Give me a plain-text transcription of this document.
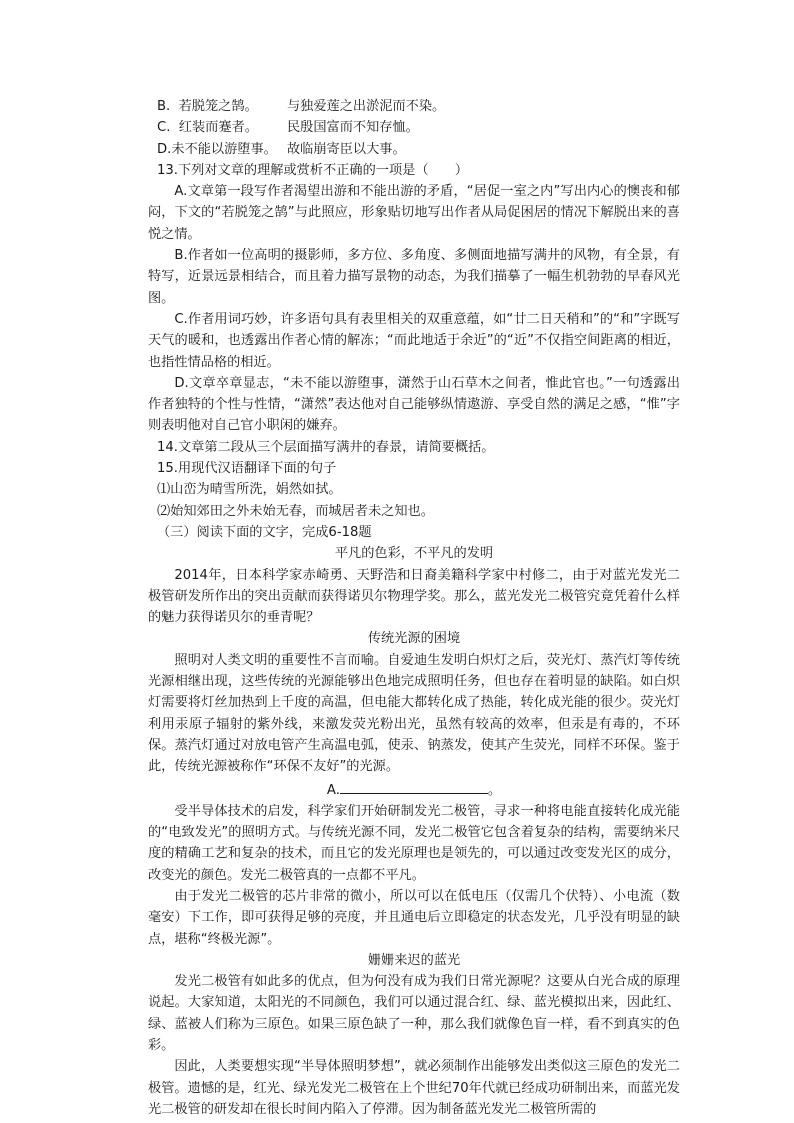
B.  若脱笼之鹄。 与独爱莲之出淤泥而不染。
C.  红装而蹇者。 民殷国富而不知存恤。
D.未不能以游堕事。 故临崩寄臣以大事。
13.下列对文章的理解或赏析不正确的一项是（　　）
A.文章第一段写作者渴望出游和不能出游的矛盾，“居促一室之内”写出内心的懊丧和郁闷，下文的“若脱笼之鹄”与此照应，形象贴切地写出作者从局促困居的情况下解脱出来的喜悦之情。
B.作者如一位高明的摄影师，多方位、多角度、多侧面地描写满井的风物，有全景，有特写，近景远景相结合，而且着力描写景物的动态，为我们描摹了一幅生机勃勃的早春风光图。
C.作者用词巧妙，许多语句具有表里相关的双重意蕴，如“廿二日天稍和”的“和”字既写天气的暖和，也透露出作者心情的解冻；“而此地适于余近”的“近”不仅指空间距离的相近，也指性情品格的相近。
D.文章卒章显志，“未不能以游堕事，潇然于山石草木之间者，惟此官也。”一句透露出作者独特的个性与性情，“潇然”表达他对自己能够纵情遨游、享受自然的满足之感，“惟”字则表明他对自己官小职闲的嫌弃。
14.文章第二段从三个层面描写满井的春景，请简要概括。
15.用现代汉语翻译下面的句子
⑴山峦为晴雪所洗，娟然如拭。
⑵始知郊田之外未始无春，而城居者未之知也。
（三）阅读下面的文字，完成6-18题
平凡的色彩，不平凡的发明
2014年，日本科学家赤崎勇、天野浩和日裔美籍科学家中村修二，由于对蓝光发光二极管研发所作出的突出贡献而获得诺贝尔物理学奖。那么，蓝光发光二极管究竟凭着什么样的魅力获得诺贝尔的垂青呢？
传统光源的困境
照明对人类文明的重要性不言而喻。自爱迪生发明白炽灯之后，荧光灯、蒸汽灯等传统光源相继出现，这些传统的光源能够出色地完成照明任务，但也存在着明显的缺陷。如白炽灯需要将灯丝加热到上千度的高温，但电能大都转化成了热能，转化成光能的很少。荧光灯利用汞原子辐射的紫外线，来激发荧光粉出光，虽然有较高的效率，但汞是有毒的，不环保。蒸汽灯通过对放电管产生高温电弧，使汞、钠蒸发，使其产生荧光，同样不环保。鉴于此，传统光源被称作“环保不友好”的光源。
A.	。
受半导体技术的启发，科学家们开始研制发光二极管，寻求一种将电能直接转化成光能的“电致发光”的照明方式。与传统光源不同，发光二极管它包含着复杂的结构，需要纳米尺度的精确工艺和复杂的技术，而且它的发光原理也是领先的，可以通过改变发光区的成分，改变光的颜色。发光二极管真的一点都不平凡。
由于发光二极管的芯片非常的微小，所以可以在低电压（仅需几个伏特）、小电流（数毫安）下工作，即可获得足够的亮度，并且通电后立即稳定的状态发光，几乎没有明显的缺点，堪称“终极光源”。
姗姗来迟的蓝光
发光二极管有如此多的优点，但为何没有成为我们日常光源呢？这要从白光合成的原理说起。大家知道，太阳光的不同颜色，我们可以通过混合红、绿、蓝光模拟出来，因此红、绿、蓝被人们称为三原色。如果三原色缺了一种，那么我们就像色盲一样，看不到真实的色彩。
因此，人类要想实现“半导体照明梦想”，就必须制作出能够发出类似这三原色的发光二极管。遗憾的是，红光、绿光发光二极管在上个世纪70年代就已经成功研制出来，而蓝光发光二极管的研发却在很长时间内陷入了停滞。因为制备蓝光发光二极管所需的
